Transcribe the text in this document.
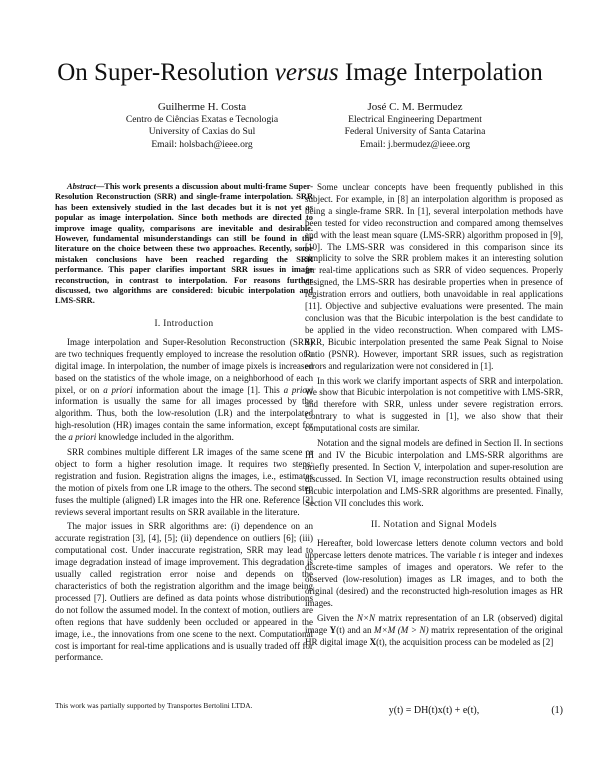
On Super-Resolution versus Image Interpolation
Guilherme H. Costa
Centro de Ciências Exatas e Tecnologia
University of Caxias do Sul
Email: holsbach@ieee.org
José C. M. Bermudez
Electrical Engineering Department
Federal University of Santa Catarina
Email: j.bermudez@ieee.org

Abstract—This work presents a discussion about multi-frame Super-Resolution Reconstruction (SRR) and single-frame interpolation. SRR has been extensively studied in the last decades but it is not yet as popular as image interpolation. Since both methods are directed to improve image quality, comparisons are inevitable and desirable. However, fundamental misunderstandings can still be found in the literature on the choice between these two approaches. Recently, some mistaken conclusions have been reached regarding the SRR performance. This paper clarifies important SRR issues in image reconstruction, in contrast to interpolation. For reasons further discussed, two algorithms are considered: bicubic interpolation and LMS-SRR.

I. Introduction

Image interpolation and Super-Resolution Reconstruction (SRR) are two techniques frequently employed to increase the resolution of a digital image. In interpolation, the number of image pixels is increased based on the statistics of the whole image, on a neighborhood of each pixel, or on a priori information about the image [1]. This a priori information is usually the same for all images processed by the algorithm. Thus, both the low-resolution (LR) and the interpolated high-resolution (HR) images contain the same information, except for the a priori knowledge included in the algorithm.

SRR combines multiple different LR images of the same scene or object to form a higher resolution image. It requires two steps: registration and fusion. Registration aligns the images, i.e., estimates the motion of pixels from one LR image to the others. The second step fuses the multiple (aligned) LR images into the HR one. Reference [2] reviews several important results on SRR available in the literature.

The major issues in SRR algorithms are: (i) dependence on an accurate registration [3], [4], [5]; (ii) dependence on outliers [6]; (iii) computational cost. Under inaccurate registration, SRR may lead to image degradation instead of image improvement. This degradation is usually called registration error noise and depends on the characteristics of both the registration algorithm and the image being processed [7]. Outliers are defined as data points whose distributions do not follow the assumed model. In the context of motion, outliers are often regions that have suddenly been occluded or appeared in the image, i.e., the innovations from one scene to the next. Computational cost is important for real-time applications and is usually traded off for performance.

Some unclear concepts have been frequently published in this subject. For example, in [8] an interpolation algorithm is proposed as being a single-frame SRR. In [1], several interpolation methods have been tested for video reconstruction and compared among themselves and with the least mean square (LMS-SRR) algorithm proposed in [9], [10]. The LMS-SRR was considered in this comparison since its simplicity to solve the SRR problem makes it an interesting solution for real-time applications such as SRR of video sequences. Properly designed, the LMS-SRR has desirable properties when in presence of registration errors and outliers, both unavoidable in real applications [11]. Objective and subjective evaluations were presented. The main conclusion was that the Bicubic interpolation is the best candidate to be applied in the video reconstruction. When compared with LMS-SRR, Bicubic interpolation presented the same Peak Signal to Noise Ratio (PSNR). However, important SRR issues, such as registration errors and regularization were not considered in [1].

In this work we clarify important aspects of SRR and interpolation. We show that Bicubic interpolation is not competitive with LMS-SRR, and therefore with SRR, unless under severe registration errors. Contrary to what is suggested in [1], we also show that their computational costs are similar.

Notation and the signal models are defined in Section II. In sections III and IV the Bicubic interpolation and LMS-SRR algorithms are briefly presented. In Section V, interpolation and super-resolution are discussed. In Section VI, image reconstruction results obtained using Bicubic interpolation and LMS-SRR algorithms are presented. Finally, Section VII concludes this work.

II. Notation and Signal Models

Hereafter, bold lowercase letters denote column vectors and bold uppercase letters denote matrices. The variable t is integer and indexes discrete-time samples of images and operators. We refer to the observed (low-resolution) images as LR images, and to both the original (desired) and the reconstructed high-resolution images as HR images.

Given the N×N matrix representation of an LR (observed) digital image Y(t) and an M×M (M > N) matrix representation of the original HR digital image X(t), the acquisition process can be modeled as [2]

y(t) = DH(t)x(t) + e(t),	(1)
This work was partially supported by Transportes Bertolini LTDA.
